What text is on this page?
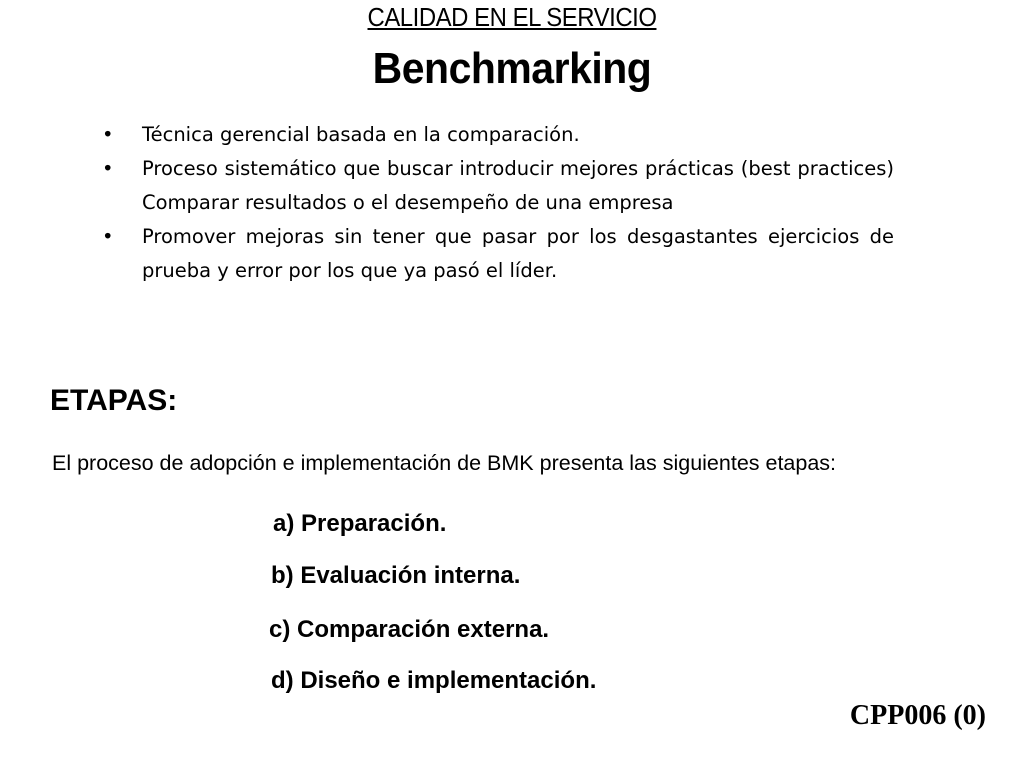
CALIDAD EN EL SERVICIO
Benchmarking
• Técnica gerencial basada en la comparación.
• Proceso sistemático que buscar introducir mejores prácticas (best practices) Comparar resultados o el desempeño de una empresa
• Promover mejoras sin tener que pasar por los desgastantes ejercicios de prueba y error por los que ya pasó el líder.
ETAPAS:
El proceso de adopción e implementación de BMK presenta las siguientes etapas:
a) Preparación.
b) Evaluación interna.
c) Comparación externa.
d) Diseño e implementación.
CPP006 (0)
